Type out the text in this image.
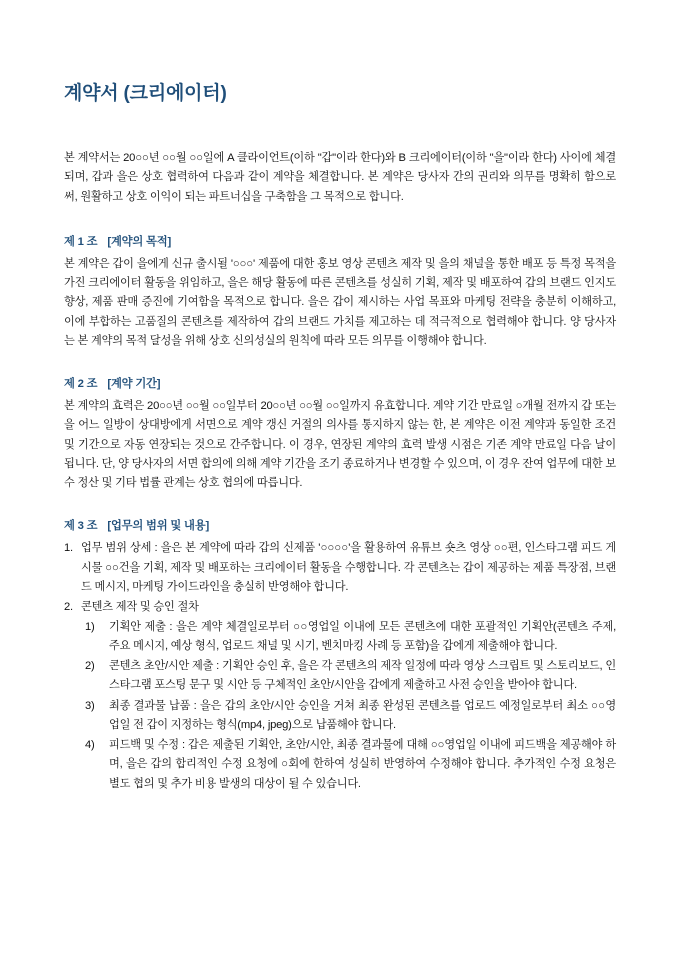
계약서 (크리에이터)

본 계약서는 20○○년 ○○월 ○○일에 A 클라이언트(이하 "갑"이라 한다)와 B 크리에이터(이하 "을"이라 한다) 사이에 체결되며, 갑과 을은 상호 협력하여 다음과 같이 계약을 체결합니다. 본 계약은 당사자 간의 권리와 의무를 명확히 함으로써, 원활하고 상호 이익이 되는 파트너십을 구축함을 그 목적으로 합니다.

제 1 조 [계약의 목적]

본 계약은 갑이 을에게 신규 출시될 '○○○' 제품에 대한 홍보 영상 콘텐츠 제작 및 을의 채널을 통한 배포 등 특정 목적을 가진 크리에이터 활동을 위임하고, 을은 해당 활동에 따른 콘텐츠를 성실히 기획, 제작 및 배포하여 갑의 브랜드 인지도 향상, 제품 판매 증진에 기여함을 목적으로 합니다. 을은 갑이 제시하는 사업 목표와 마케팅 전략을 충분히 이해하고, 이에 부합하는 고품질의 콘텐츠를 제작하여 갑의 브랜드 가치를 제고하는 데 적극적으로 협력해야 합니다. 양 당사자는 본 계약의 목적 달성을 위해 상호 신의성실의 원칙에 따라 모든 의무를 이행해야 합니다.

제 2 조 [계약 기간]

본 계약의 효력은 20○○년 ○○월 ○○일부터 20○○년 ○○월 ○○일까지 유효합니다. 계약 기간 만료일 ○개월 전까지 갑 또는 을 어느 일방이 상대방에게 서면으로 계약 갱신 거절의 의사를 통지하지 않는 한, 본 계약은 이전 계약과 동일한 조건 및 기간으로 자동 연장되는 것으로 간주합니다. 이 경우, 연장된 계약의 효력 발생 시점은 기존 계약 만료일 다음 날이 됩니다. 단, 양 당사자의 서면 합의에 의해 계약 기간을 조기 종료하거나 변경할 수 있으며, 이 경우 잔여 업무에 대한 보수 정산 및 기타 법률 관계는 상호 협의에 따릅니다.

제 3 조 [업무의 범위 및 내용]
1. 업무 범위 상세 : 을은 본 계약에 따라 갑의 신제품 '○○○○'을 활용하여 유튜브 숏츠 영상 ○○편, 인스타그램 피드 게시물 ○○건을 기획, 제작 및 배포하는 크리에이터 활동을 수행합니다. 각 콘텐츠는 갑이 제공하는 제품 특장점, 브랜드 메시지, 마케팅 가이드라인을 충실히 반영해야 합니다.
2. 콘텐츠 제작 및 승인 절차
1) 기획안 제출 : 을은 계약 체결일로부터 ○○영업일 이내에 모든 콘텐츠에 대한 포괄적인 기획안(콘텐츠 주제, 주요 메시지, 예상 형식, 업로드 채널 및 시기, 벤치마킹 사례 등 포함)을 갑에게 제출해야 합니다.
2) 콘텐츠 초안/시안 제출 : 기획안 승인 후, 을은 각 콘텐츠의 제작 일정에 따라 영상 스크립트 및 스토리보드, 인스타그램 포스팅 문구 및 시안 등 구체적인 초안/시안을 갑에게 제출하고 사전 승인을 받아야 합니다.
3) 최종 결과물 납품 : 을은 갑의 초안/시안 승인을 거쳐 최종 완성된 콘텐츠를 업로드 예정일로부터 최소 ○○영업일 전 갑이 지정하는 형식(mp4, jpeg)으로 납품해야 합니다.
4) 피드백 및 수정 : 갑은 제출된 기획안, 초안/시안, 최종 결과물에 대해 ○○영업일 이내에 피드백을 제공해야 하며, 을은 갑의 합리적인 수정 요청에 ○회에 한하여 성실히 반영하여 수정해야 합니다. 추가적인 수정 요청은 별도 협의 및 추가 비용 발생의 대상이 될 수 있습니다.
